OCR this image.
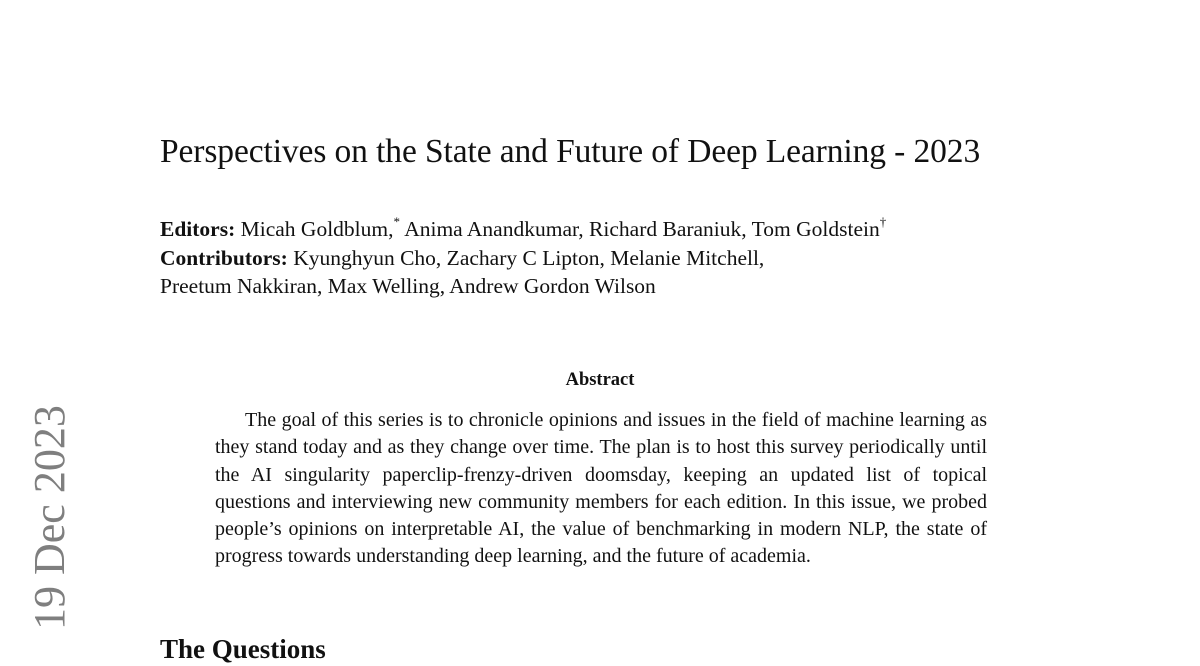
Perspectives on the State and Future of Deep Learning - 2023
Editors: Micah Goldblum,* Anima Anandkumar, Richard Baraniuk, Tom Goldstein†
Contributors: Kyunghyun Cho, Zachary C Lipton, Melanie Mitchell,
Preetum Nakkiran, Max Welling, Andrew Gordon Wilson
Abstract

The goal of this series is to chronicle opinions and issues in the field of machine learning as they stand today and as they change over time. The plan is to host this survey periodically until the AI singularity paperclip-frenzy-driven doomsday, keeping an updated list of topical questions and interviewing new community members for each edition. In this issue, we probed people’s opinions on interpretable AI, the value of benchmarking in modern NLP, the state of progress towards understanding deep learning, and the future of academia.

The Questions
19 Dec 2023
